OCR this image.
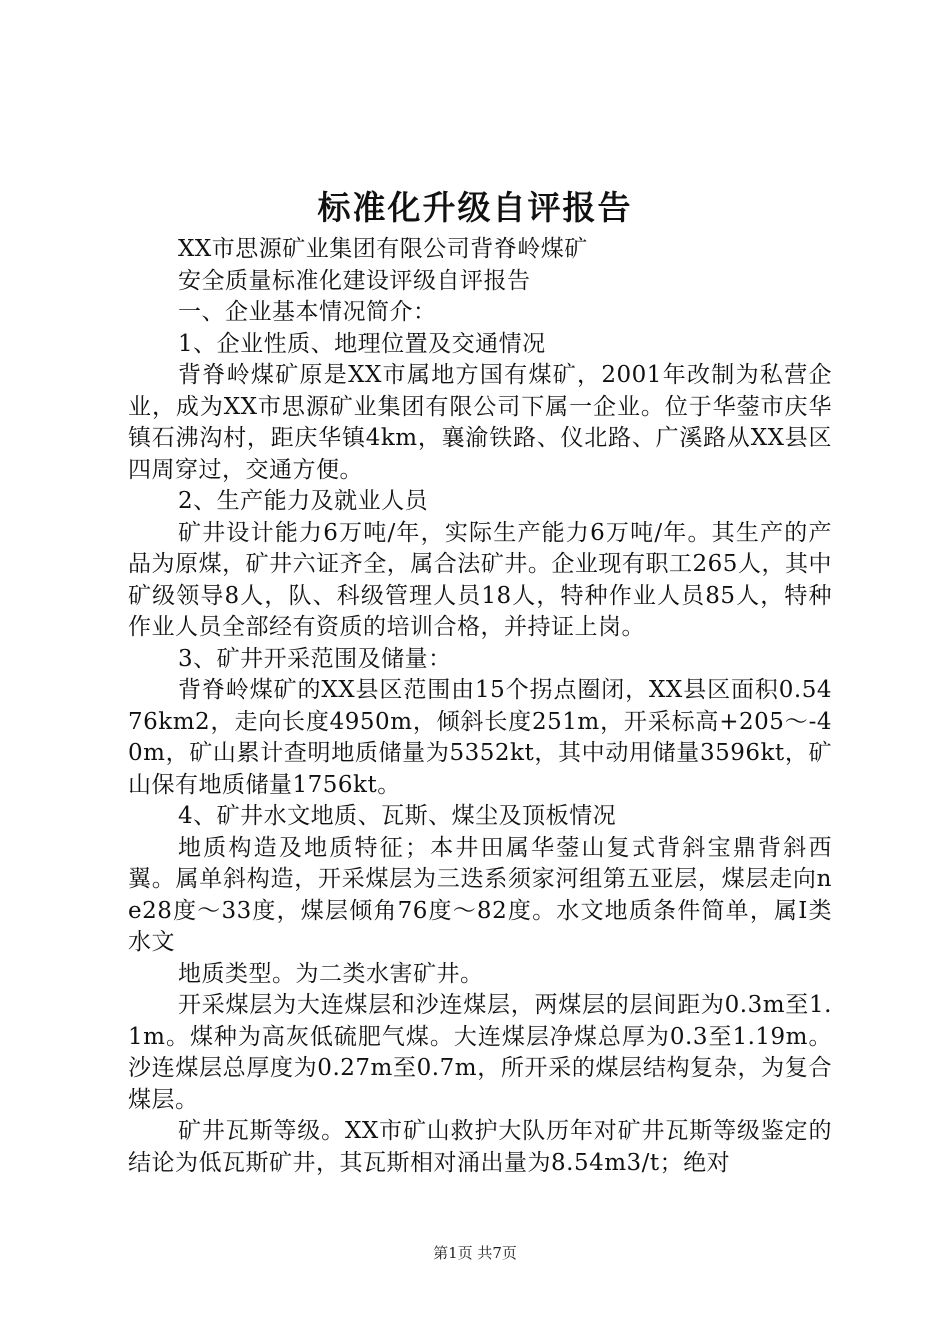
标准化升级自评报告

XX市思源矿业集团有限公司背脊岭煤矿

安全质量标准化建设评级自评报告

一、企业基本情况简介：

1、企业性质、地理位置及交通情况

背脊岭煤矿原是XX市属地方国有煤矿，2001年改制为私营企业，成为XX市思源矿业集团有限公司下属一企业。位于华蓥市庆华镇石沸沟村，距庆华镇4km，襄渝铁路、仪北路、广溪路从XX县区四周穿过，交通方便。

2、生产能力及就业人员

矿井设计能力6万吨/年，实际生产能力6万吨/年。其生产的产品为原煤，矿井六证齐全，属合法矿井。企业现有职工265人，其中矿级领导8人，队、科级管理人员18人，特种作业人员85人，特种作业人员全部经有资质的培训合格，并持证上岗。

3、矿井开采范围及储量：

背脊岭煤矿的XX县区范围由15个拐点圈闭，XX县区面积0.5476km2，走向长度4950m，倾斜长度251m，开采标高+205～-40m，矿山累计查明地质储量为5352kt，其中动用储量3596kt，矿山保有地质储量1756kt。

4、矿井水文地质、瓦斯、煤尘及顶板情况

地质构造及地质特征；本井田属华蓥山复式背斜宝鼎背斜西翼。属单斜构造，开采煤层为三迭系须家河组第五亚层，煤层走向ne28度～33度，煤层倾角76度～82度。水文地质条件简单，属Ⅰ类水文

地质类型。为二类水害矿井。

开采煤层为大连煤层和沙连煤层，两煤层的层间距为0.3m至1.1m。煤种为高灰低硫肥气煤。大连煤层净煤总厚为0.3至1.19m。沙连煤层总厚度为0.27m至0.7m，所开采的煤层结构复杂，为复合煤层。

矿井瓦斯等级。XX市矿山救护大队历年对矿井瓦斯等级鉴定的结论为低瓦斯矿井，其瓦斯相对涌出量为8.54m3/t；绝对

第1页 共7页
